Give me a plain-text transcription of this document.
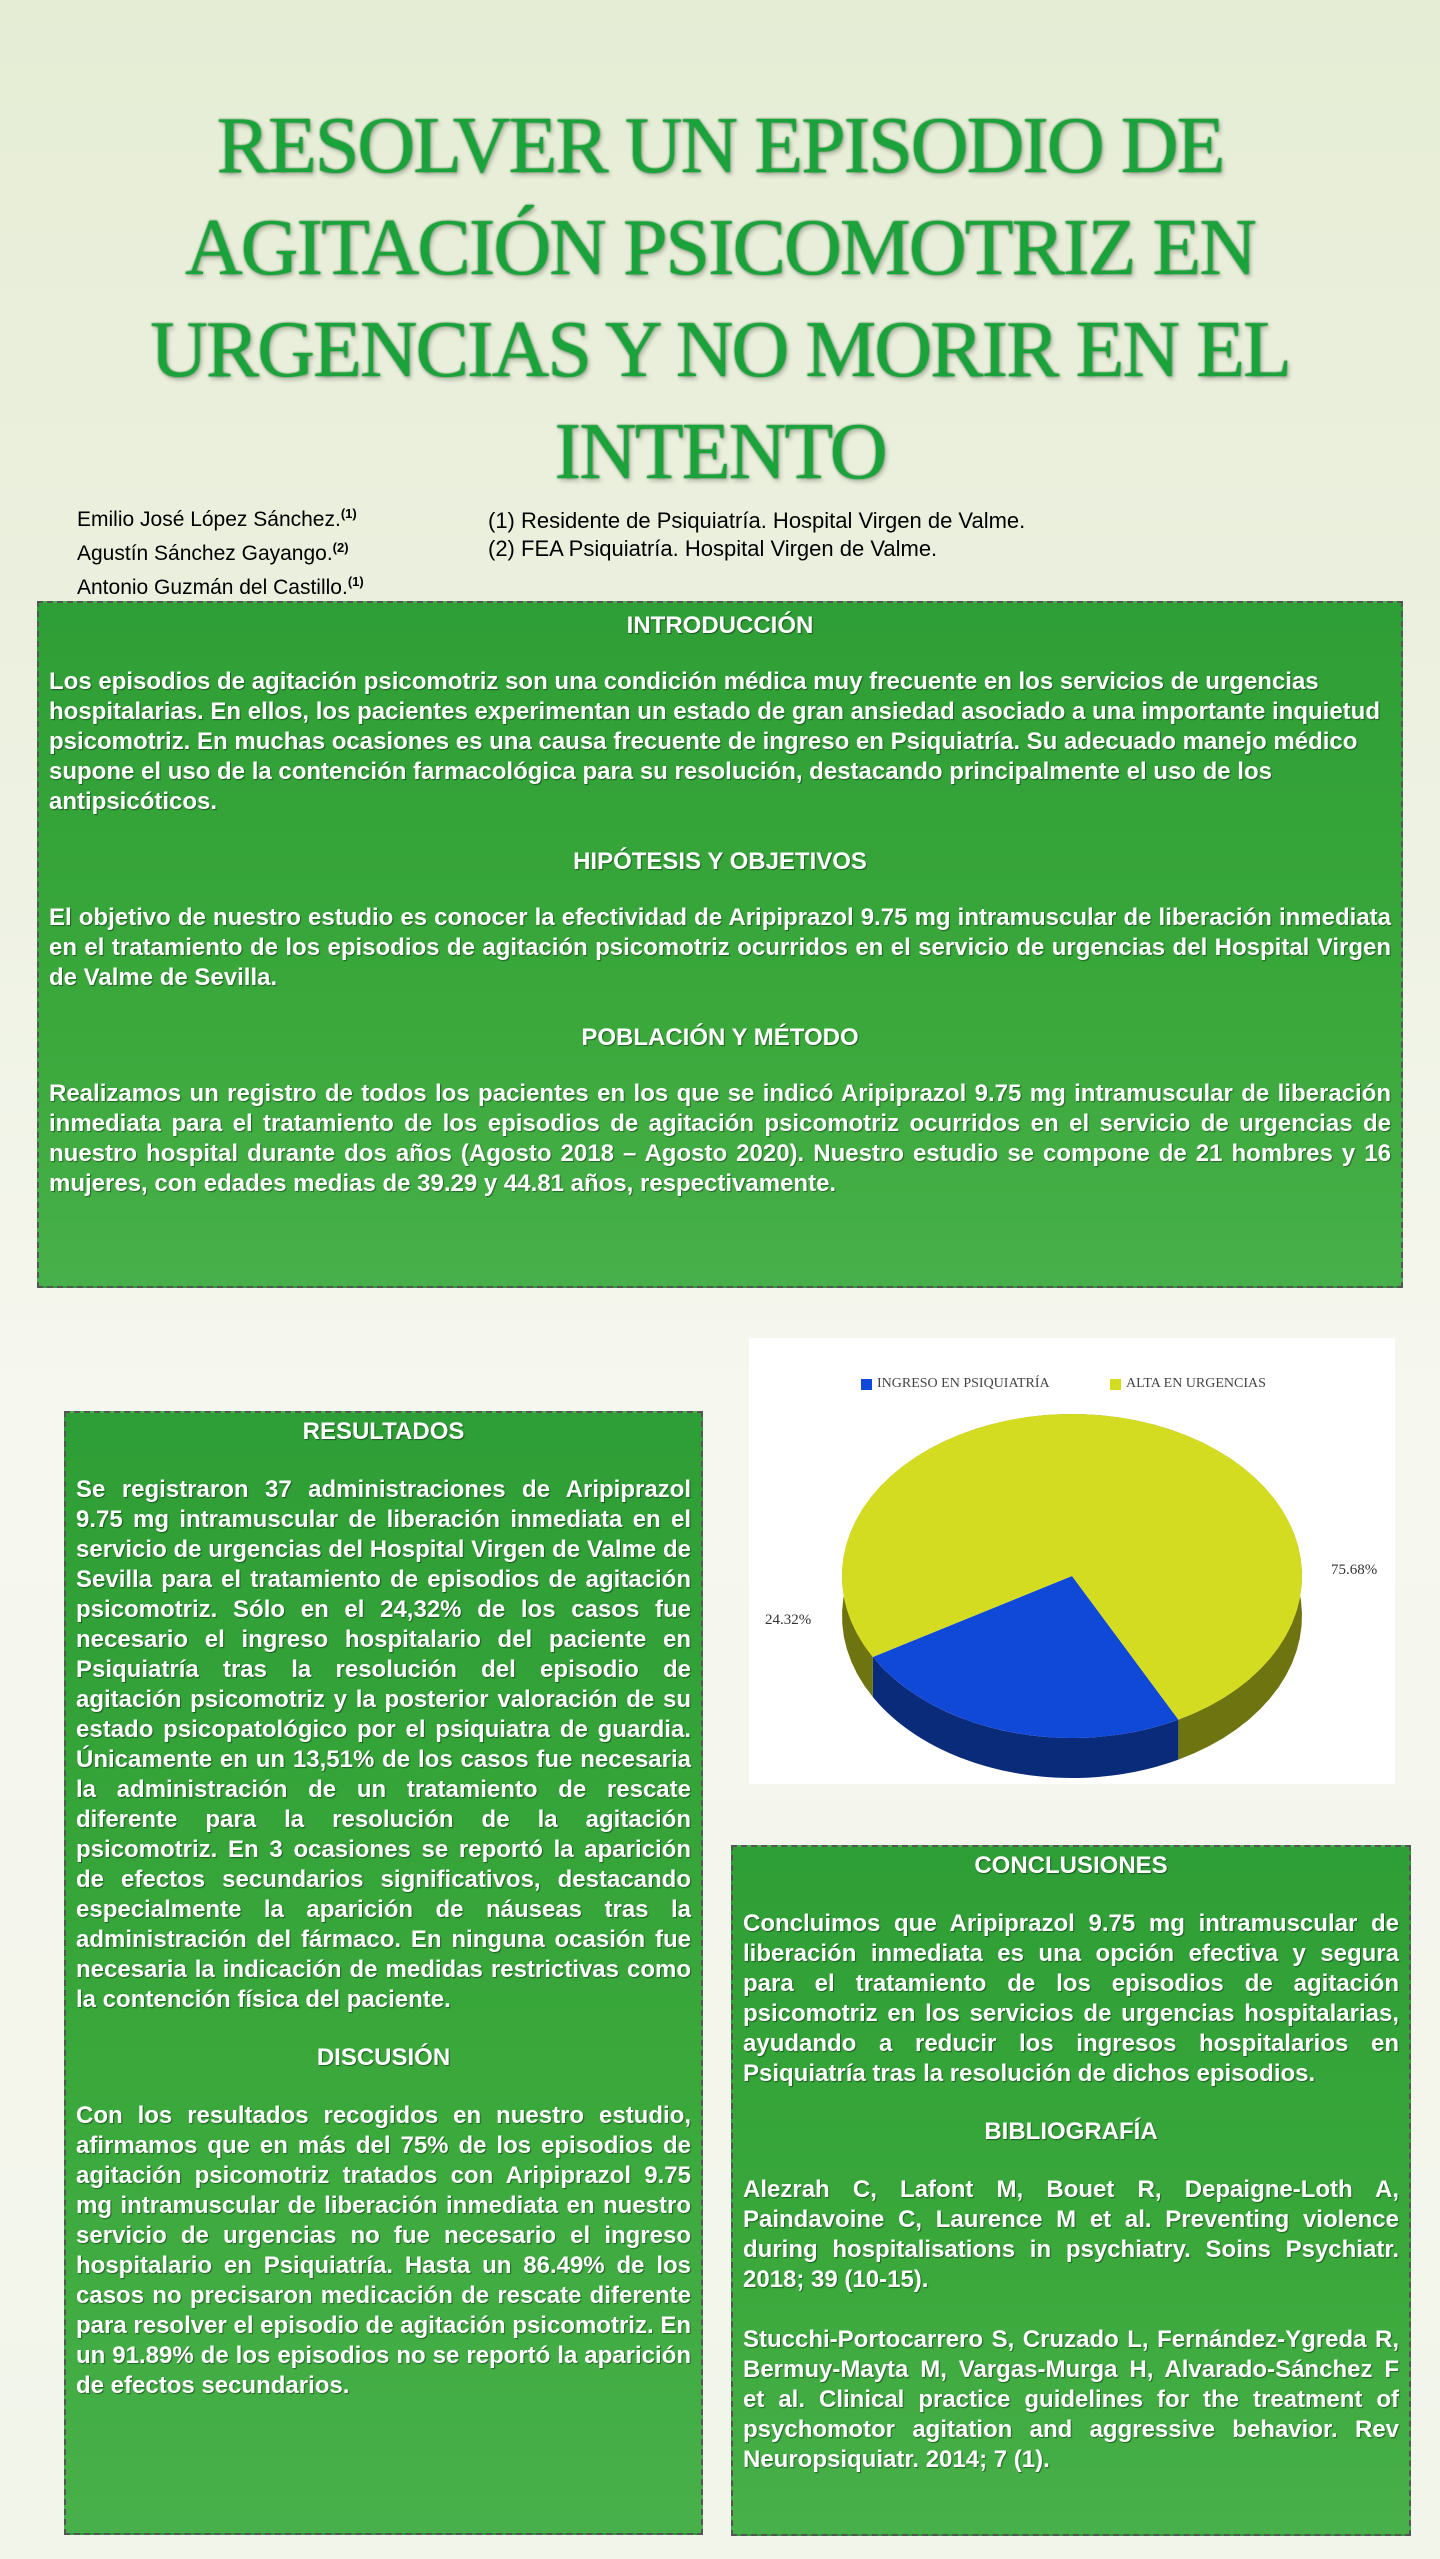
RESOLVER UN EPISODIO DE AGITACIÓN PSICOMOTRIZ EN URGENCIAS Y NO MORIR EN EL INTENTO
Emilio José López Sánchez.$^{(1)}$
Agustín Sánchez Gayango.$^{(2)}$
Antonio Guzmán del Castillo.$^{(1)}$
(1) Residente de Psiquiatría. Hospital Virgen de Valme.
(2) FEA Psiquiatría. Hospital Virgen de Valme.
INTRODUCCIÓN

Los episodios de agitación psicomotriz son una condición médica muy frecuente en los servicios de urgencias hospitalarias. En ellos, los pacientes experimentan un estado de gran ansiedad asociado a una importante inquietud psicomotriz. En muchas ocasiones es una causa frecuente de ingreso en Psiquiatría. Su adecuado manejo médico supone el uso de la contención farmacológica para su resolución, destacando principalmente el uso de los antipsicóticos.

HIPÓTESIS Y OBJETIVOS

El objetivo de nuestro estudio es conocer la efectividad de Aripiprazol 9.75 mg intramuscular de liberación inmediata en el tratamiento de los episodios de agitación psicomotriz ocurridos en el servicio de urgencias del Hospital Virgen de Valme de Sevilla.

POBLACIÓN Y MÉTODO

Realizamos un registro de todos los pacientes en los que se indicó Aripiprazol 9.75 mg intramuscular de liberación inmediata para el tratamiento de los episodios de agitación psicomotriz ocurridos en el servicio de urgencias de nuestro hospital durante dos años (Agosto 2018 – Agosto 2020). Nuestro estudio se compone de 21 hombres y 16 mujeres, con edades medias de 39.29 y 44.81 años, respectivamente.

RESULTADOS

Se registraron 37 administraciones de Aripiprazol 9.75 mg intramuscular de liberación inmediata en el servicio de urgencias del Hospital Virgen de Valme de Sevilla para el tratamiento de episodios de agitación psicomotriz. Sólo en el 24,32% de los casos fue necesario el ingreso hospitalario del paciente en Psiquiatría tras la resolución del episodio de agitación psicomotriz y la posterior valoración de su estado psicopatológico por el psiquiatra de guardia. Únicamente en un 13,51% de los casos fue necesaria la administración de un tratamiento de rescate diferente para la resolución de la agitación psicomotriz. En 3 ocasiones se reportó la aparición de efectos secundarios significativos, destacando especialmente la aparición de náuseas tras la administración del fármaco. En ninguna ocasión fue necesaria la indicación de medidas restrictivas como la contención física del paciente.

DISCUSIÓN

Con los resultados recogidos en nuestro estudio, afirmamos que en más del 75% de los episodios de agitación psicomotriz tratados con Aripiprazol 9.75 mg intramuscular de liberación inmediata en nuestro servicio de urgencias no fue necesario el ingreso hospitalario en Psiquiatría. Hasta un 86.49% de los casos no precisaron medicación de rescate diferente para resolver el episodio de agitación psicomotriz. En un 91.89% de los episodios no se reportó la aparición de efectos secundarios.

INGRESO EN PSIQUIATRÍA	ALTA EN URGENCIAS
24.32%
75.68%
CONCLUSIONES

Concluimos que Aripiprazol 9.75 mg intramuscular de liberación inmediata es una opción efectiva y segura para el tratamiento de los episodios de agitación psicomotriz en los servicios de urgencias hospitalarias, ayudando a reducir los ingresos hospitalarios en Psiquiatría tras la resolución de dichos episodios.

BIBLIOGRAFÍA

Alezrah C, Lafont M, Bouet R, Depaigne-Loth A, Paindavoine C, Laurence M et al. Preventing violence during hospitalisations in psychiatry. Soins Psychiatr. 2018; 39 (10-15).

Stucchi-Portocarrero S, Cruzado L, Fernández-Ygreda R, Bermuy-Mayta M, Vargas-Murga H, Alvarado-Sánchez F et al. Clinical practice guidelines for the treatment of psychomotor agitation and aggressive behavior. Rev Neuropsiquiatr. 2014; 7 (1).
